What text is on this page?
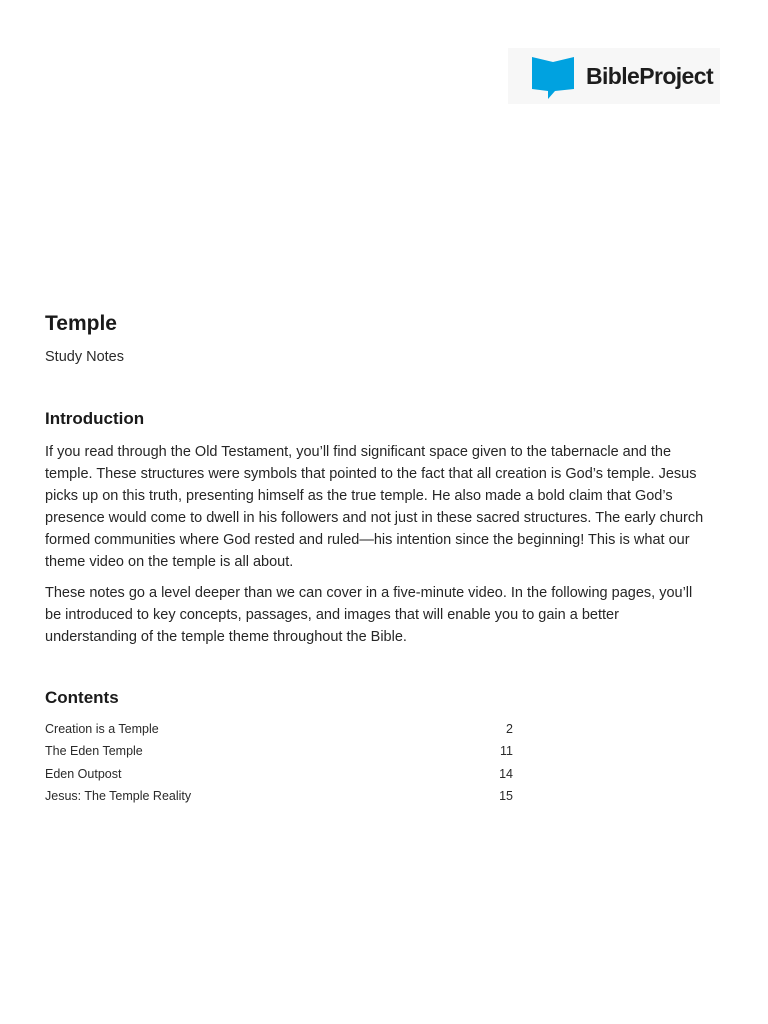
BibleProject
Temple

Study Notes

Introduction

If you read through the Old Testament, you’ll find significant space given to the tabernacle and the temple. These structures were symbols that pointed to the fact that all creation is God’s temple. Jesus picks up on this truth, presenting himself as the true temple. He also made a bold claim that God’s presence would come to dwell in his followers and not just in these sacred structures. The early church formed communities where God rested and ruled—his intention since the beginning! This is what our theme video on the temple is all about.

These notes go a level deeper than we can cover in a five-minute video. In the following pages, you’ll be introduced to key concepts, passages, and images that will enable you to gain a better understanding of the temple theme throughout the Bible.

Contents
Creation is a Temple	2
The Eden Temple	11
Eden Outpost	14
Jesus: The Temple Reality	15
